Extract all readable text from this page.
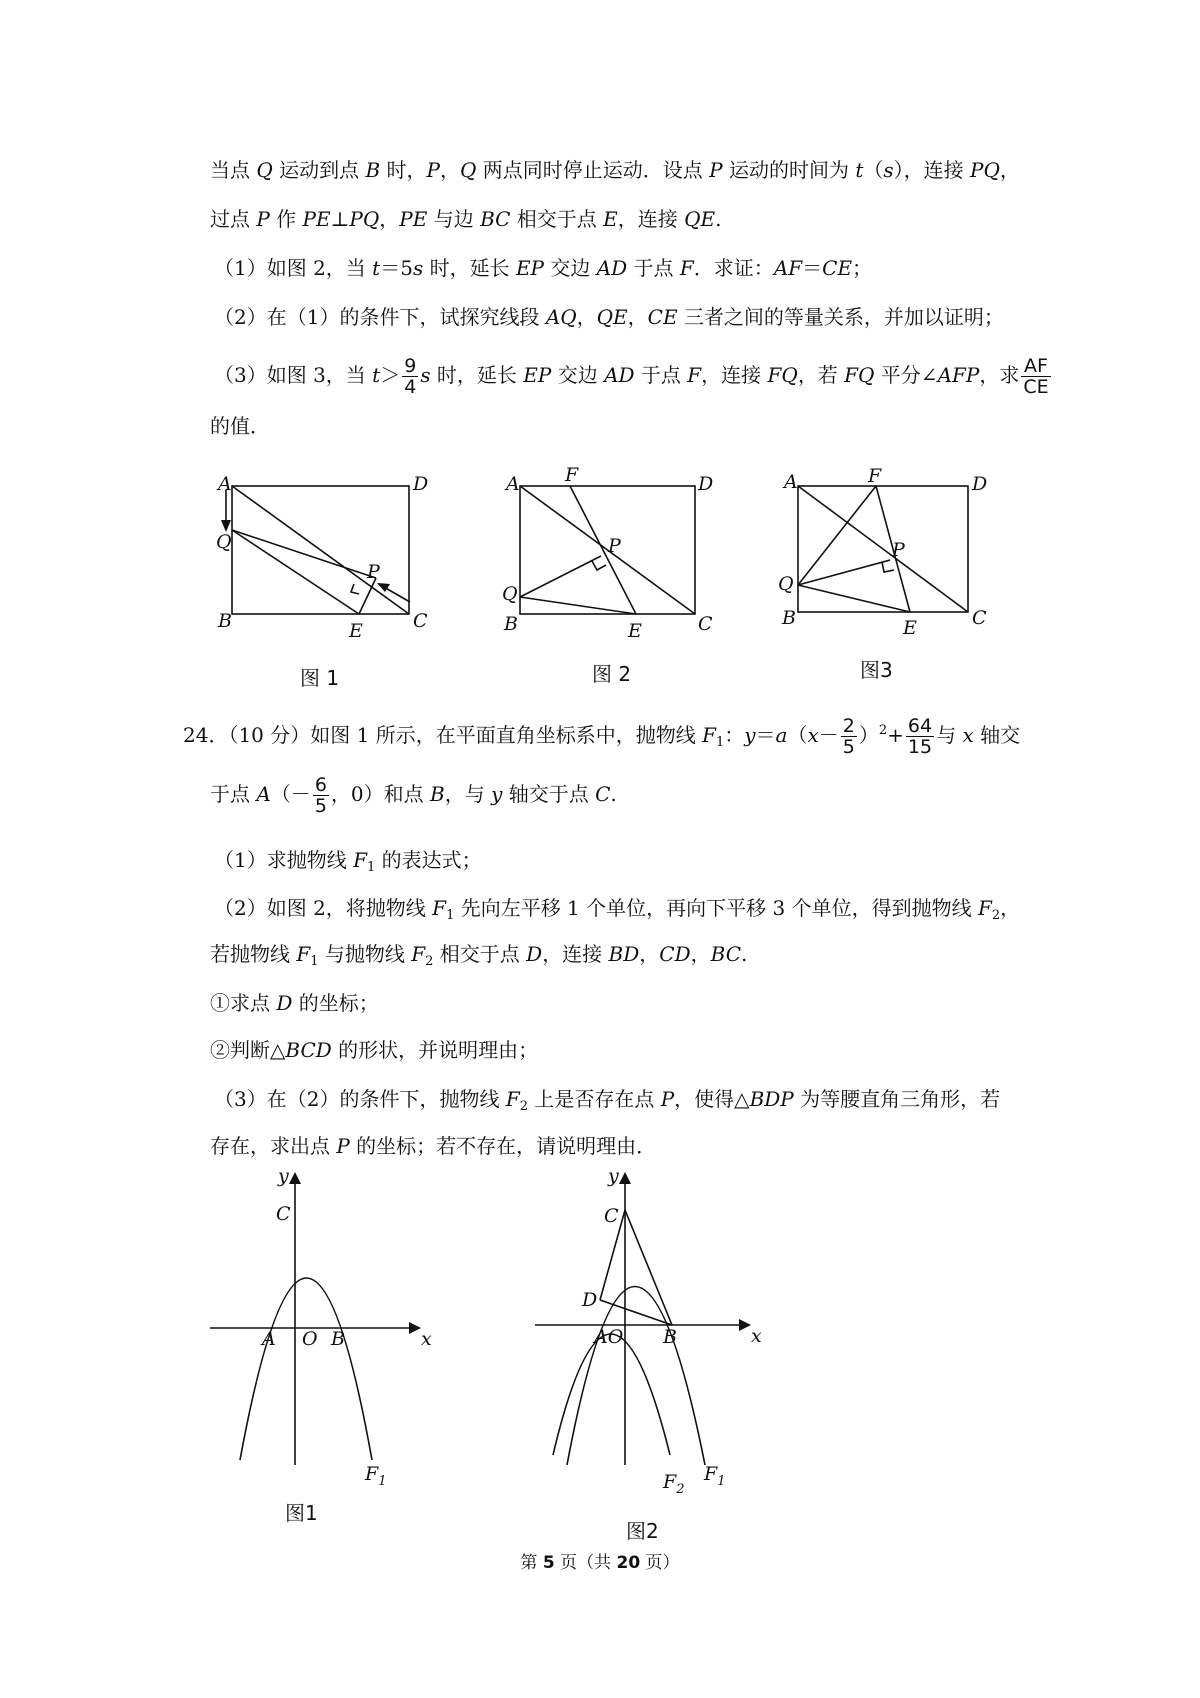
当点 Q 运动到点 B 时，P，Q 两点同时停止运动．设点 P 运动的时间为 t（s），连接 PQ，
过点 P 作 PE⊥PQ，PE 与边 BC 相交于点 E，连接 QE.
（1）如图 2，当 t＝5s 时，延长 EP 交边 AD 于点 F．求证：AF＝CE；
（2）在（1）的条件下，试探究线段 AQ，QE，CE 三者之间的等量关系，并加以证明；
（3）如图 3，当 $t> \frac{9}{4}$ s 时，延长 EP 交边 AD 于点 F，连接 FQ，若 FQ 平分∠AFP，求 $\frac{AF}{CE}$
的值．
A	D
Q
B	C
P
E
图 1
A F	D
P
Q
B	E	C
图 2
A	F	D
P
Q
B	E	C
图3
24．（10 分）如图 1 所示，在平面直角坐标系中，抛物线 $F_1$：$y=a(x- \frac{2}{5} )^2+ \frac{64}{15}$ 与 x 轴交
于点 $A(- \frac{6}{5}$ ，0）和点 B，与 y 轴交于点 C.
（1）求抛物线 $F_1$ 的表达式；
（2）如图 2，将抛物线 $F_1$ 先向左平移 1 个单位，再向下平移 3 个单位，得到抛物线 $F_2$，
若抛物线 $F_1$ 与抛物线 $F_2$ 相交于点 D，连接 BD，CD，BC.
①求点 D 的坐标；
②判断△BCD 的形状，并说明理由；
（3）在（2）的条件下，抛物线 $F_2$ 上是否存在点 P，使得△BDP 为等腰直角三角形，若
存在，求出点 P 的坐标；若不存在，请说明理由．
y
x
C
A O B
$F_1$
图1
y
x
C
D
AO B
$F_2$
$F_1$
图2
第 5 页（共 20 页）
